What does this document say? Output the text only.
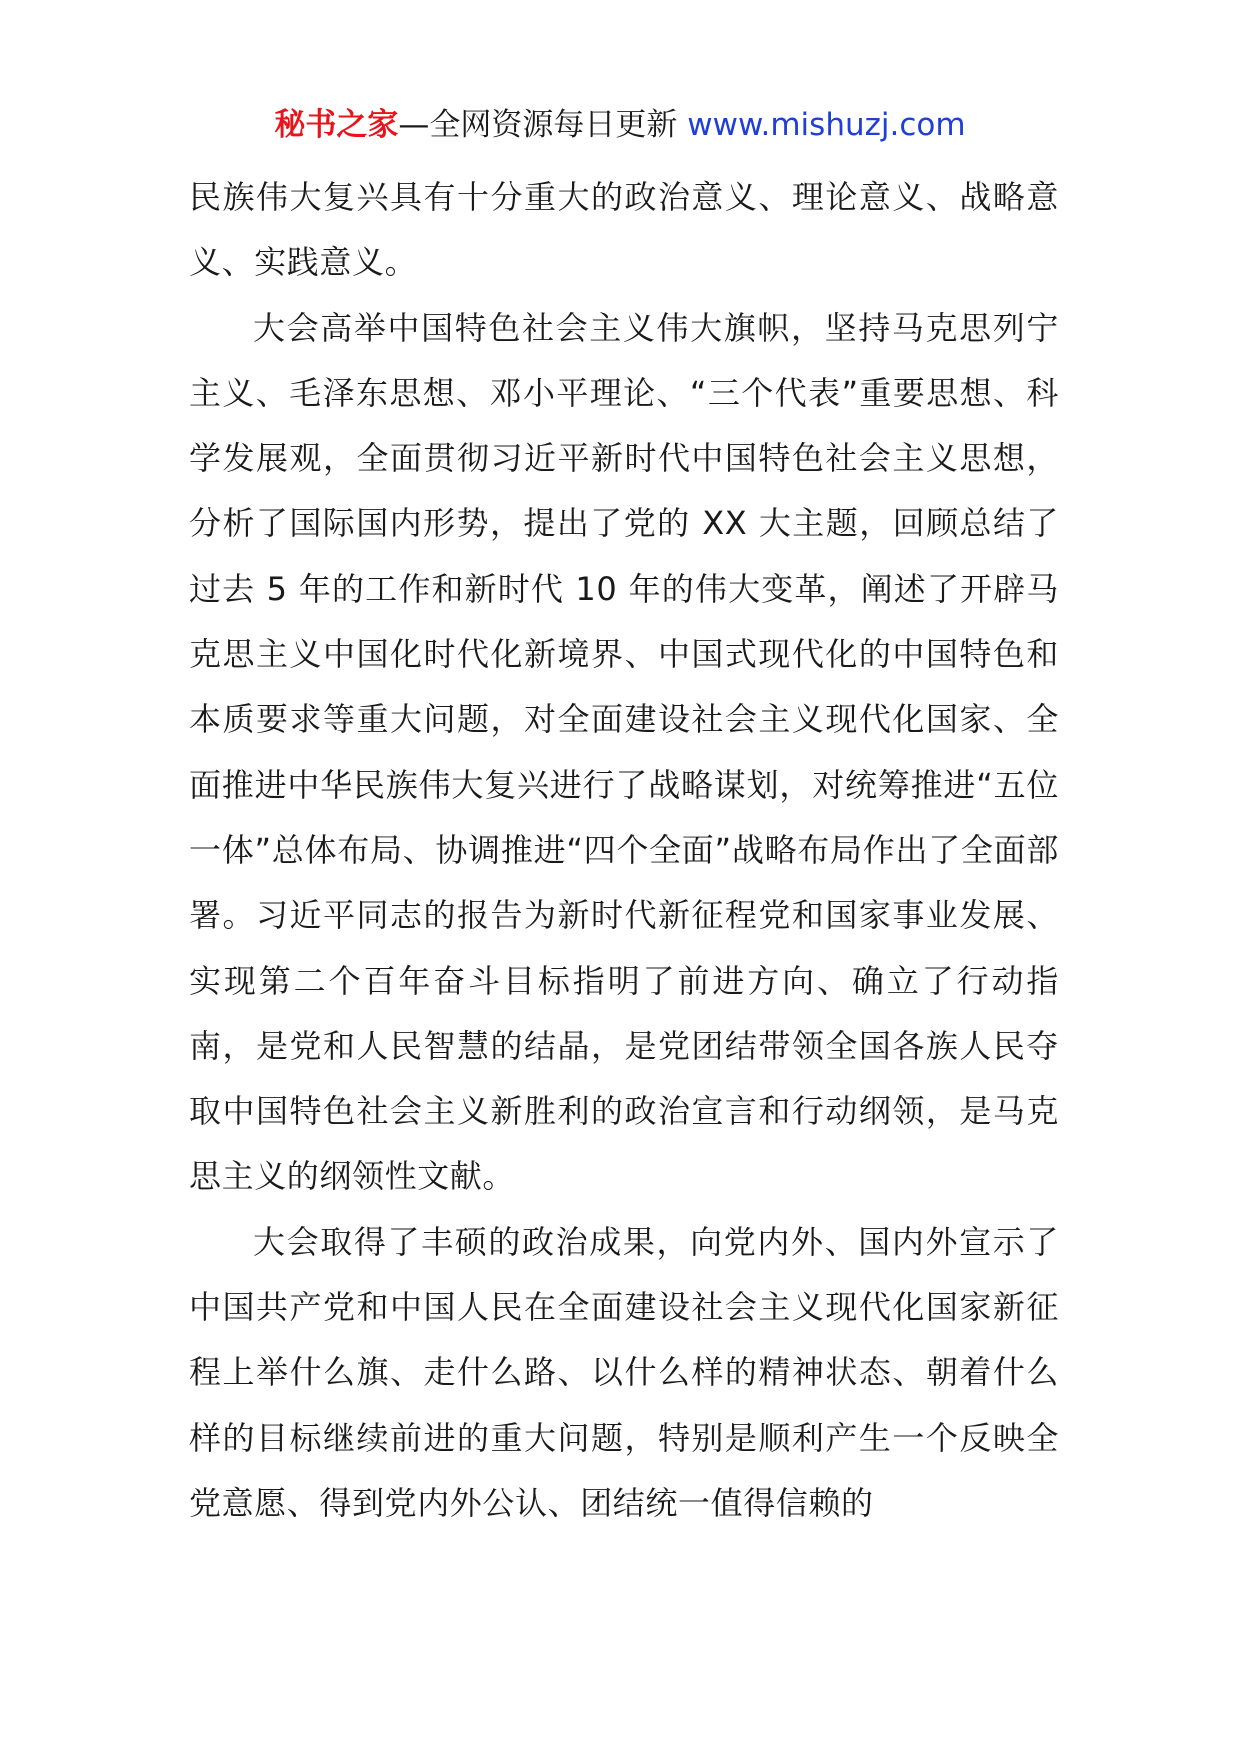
秘书之家—全网资源每日更新 www.mishuzj.com

民族伟大复兴具有十分重大的政治意义、理论意义、战略意义、实践意义。

大会高举中国特色社会主义伟大旗帜，坚持马克思列宁主义、毛泽东思想、邓小平理论、“三个代表”重要思想、科学发展观，全面贯彻习近平新时代中国特色社会主义思想，分析了国际国内形势，提出了党的 XX 大主题，回顾总结了过去 5 年的工作和新时代 10 年的伟大变革，阐述了开辟马克思主义中国化时代化新境界、中国式现代化的中国特色和本质要求等重大问题，对全面建设社会主义现代化国家、全面推进中华民族伟大复兴进行了战略谋划，对统筹推进“五位一体”总体布局、协调推进“四个全面”战略布局作出了全面部署。习近平同志的报告为新时代新征程党和国家事业发展、实现第二个百年奋斗目标指明了前进方向、确立了行动指南，是党和人民智慧的结晶，是党团结带领全国各族人民夺取中国特色社会主义新胜利的政治宣言和行动纲领，是马克思主义的纲领性文献。

大会取得了丰硕的政治成果，向党内外、国内外宣示了中国共产党和中国人民在全面建设社会主义现代化国家新征程上举什么旗、走什么路、以什么样的精神状态、朝着什么样的目标继续前进的重大问题，特别是顺利产生一个反映全党意愿、得到党内外公认、团结统一值得信赖的
